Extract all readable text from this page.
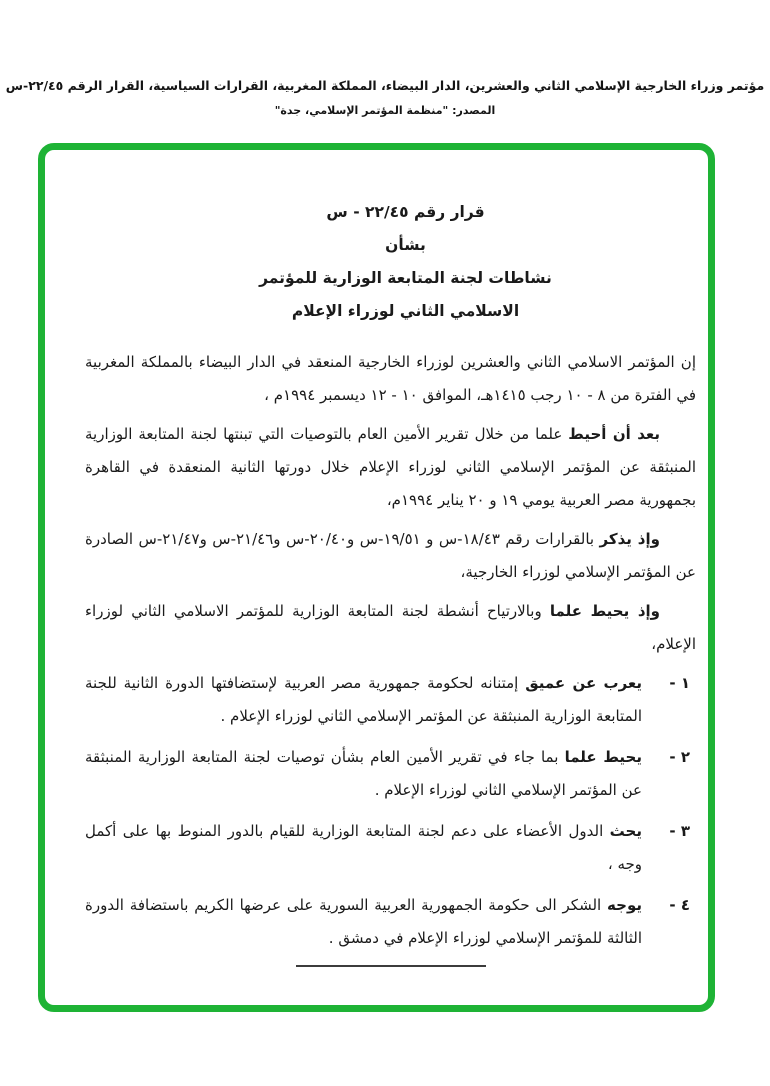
مؤتمر وزراء الخارجية الإسلامي الثاني والعشرين، الدار البيضاء، المملكة المغربية، القرارات السياسية، القرار الرقم ٢٢/٤٥-س
المصدر: "منظمة المؤتمر الإسلامي، جدة"
قرار رقم ٢٢/٤٥ - س
بشأن
نشاطات لجنة المتابعة الوزارية للمؤتمر
الاسلامي الثاني لوزراء الإعلام

إن المؤتمر الاسلامي الثاني والعشرين لوزراء الخارجية المنعقد في الدار البيضاء بالمملكة المغربية في الفترة من ٨ - ١٠ رجب ١٤١٥هـ، الموافق ١٠ - ١٢ ديسمبر ١٩٩٤م ،

بعد أن أحيط علما من خلال تقرير الأمين العام بالتوصيات التي تبنتها لجنة المتابعة الوزارية المنبثقة عن المؤتمر الإسلامي الثاني لوزراء الإعلام خلال دورتها الثانية المنعقدة في القاهرة بجمهورية مصر العربية يومي ١٩ و ٢٠ يناير ١٩٩٤م،

وإذ يذكر بالقرارات رقم ١٨/٤٣-س و ١٩/٥١-س و٢٠/٤٠-س و٢١/٤٦-س و٢١/٤٧-س الصادرة عن المؤتمر الإسلامي لوزراء الخارجية،

وإذ يحيط علما وبالارتياح أنشطة لجنة المتابعة الوزارية للمؤتمر الاسلامي الثاني لوزراء الإعلام،

١ -
يعرب عن عميق إمتنانه لحكومة جمهورية مصر العربية لإستضافتها الدورة الثانية للجنة المتابعة الوزارية المنبثقة عن المؤتمر الإسلامي الثاني لوزراء الإعلام .
٢ -
يحيط علما بما جاء في تقرير الأمين العام بشأن توصيات لجنة المتابعة الوزارية المنبثقة عن المؤتمر الإسلامي الثاني لوزراء الإعلام .
٣ -
يحث الدول الأعضاء على دعم لجنة المتابعة الوزارية للقيام بالدور المنوط بها على أكمل وجه ،
٤ -
يوجه الشكر الى حكومة الجمهورية العربية السورية على عرضها الكريم باستضافة الدورة الثالثة للمؤتمر الإسلامي لوزراء الإعلام في دمشق .
